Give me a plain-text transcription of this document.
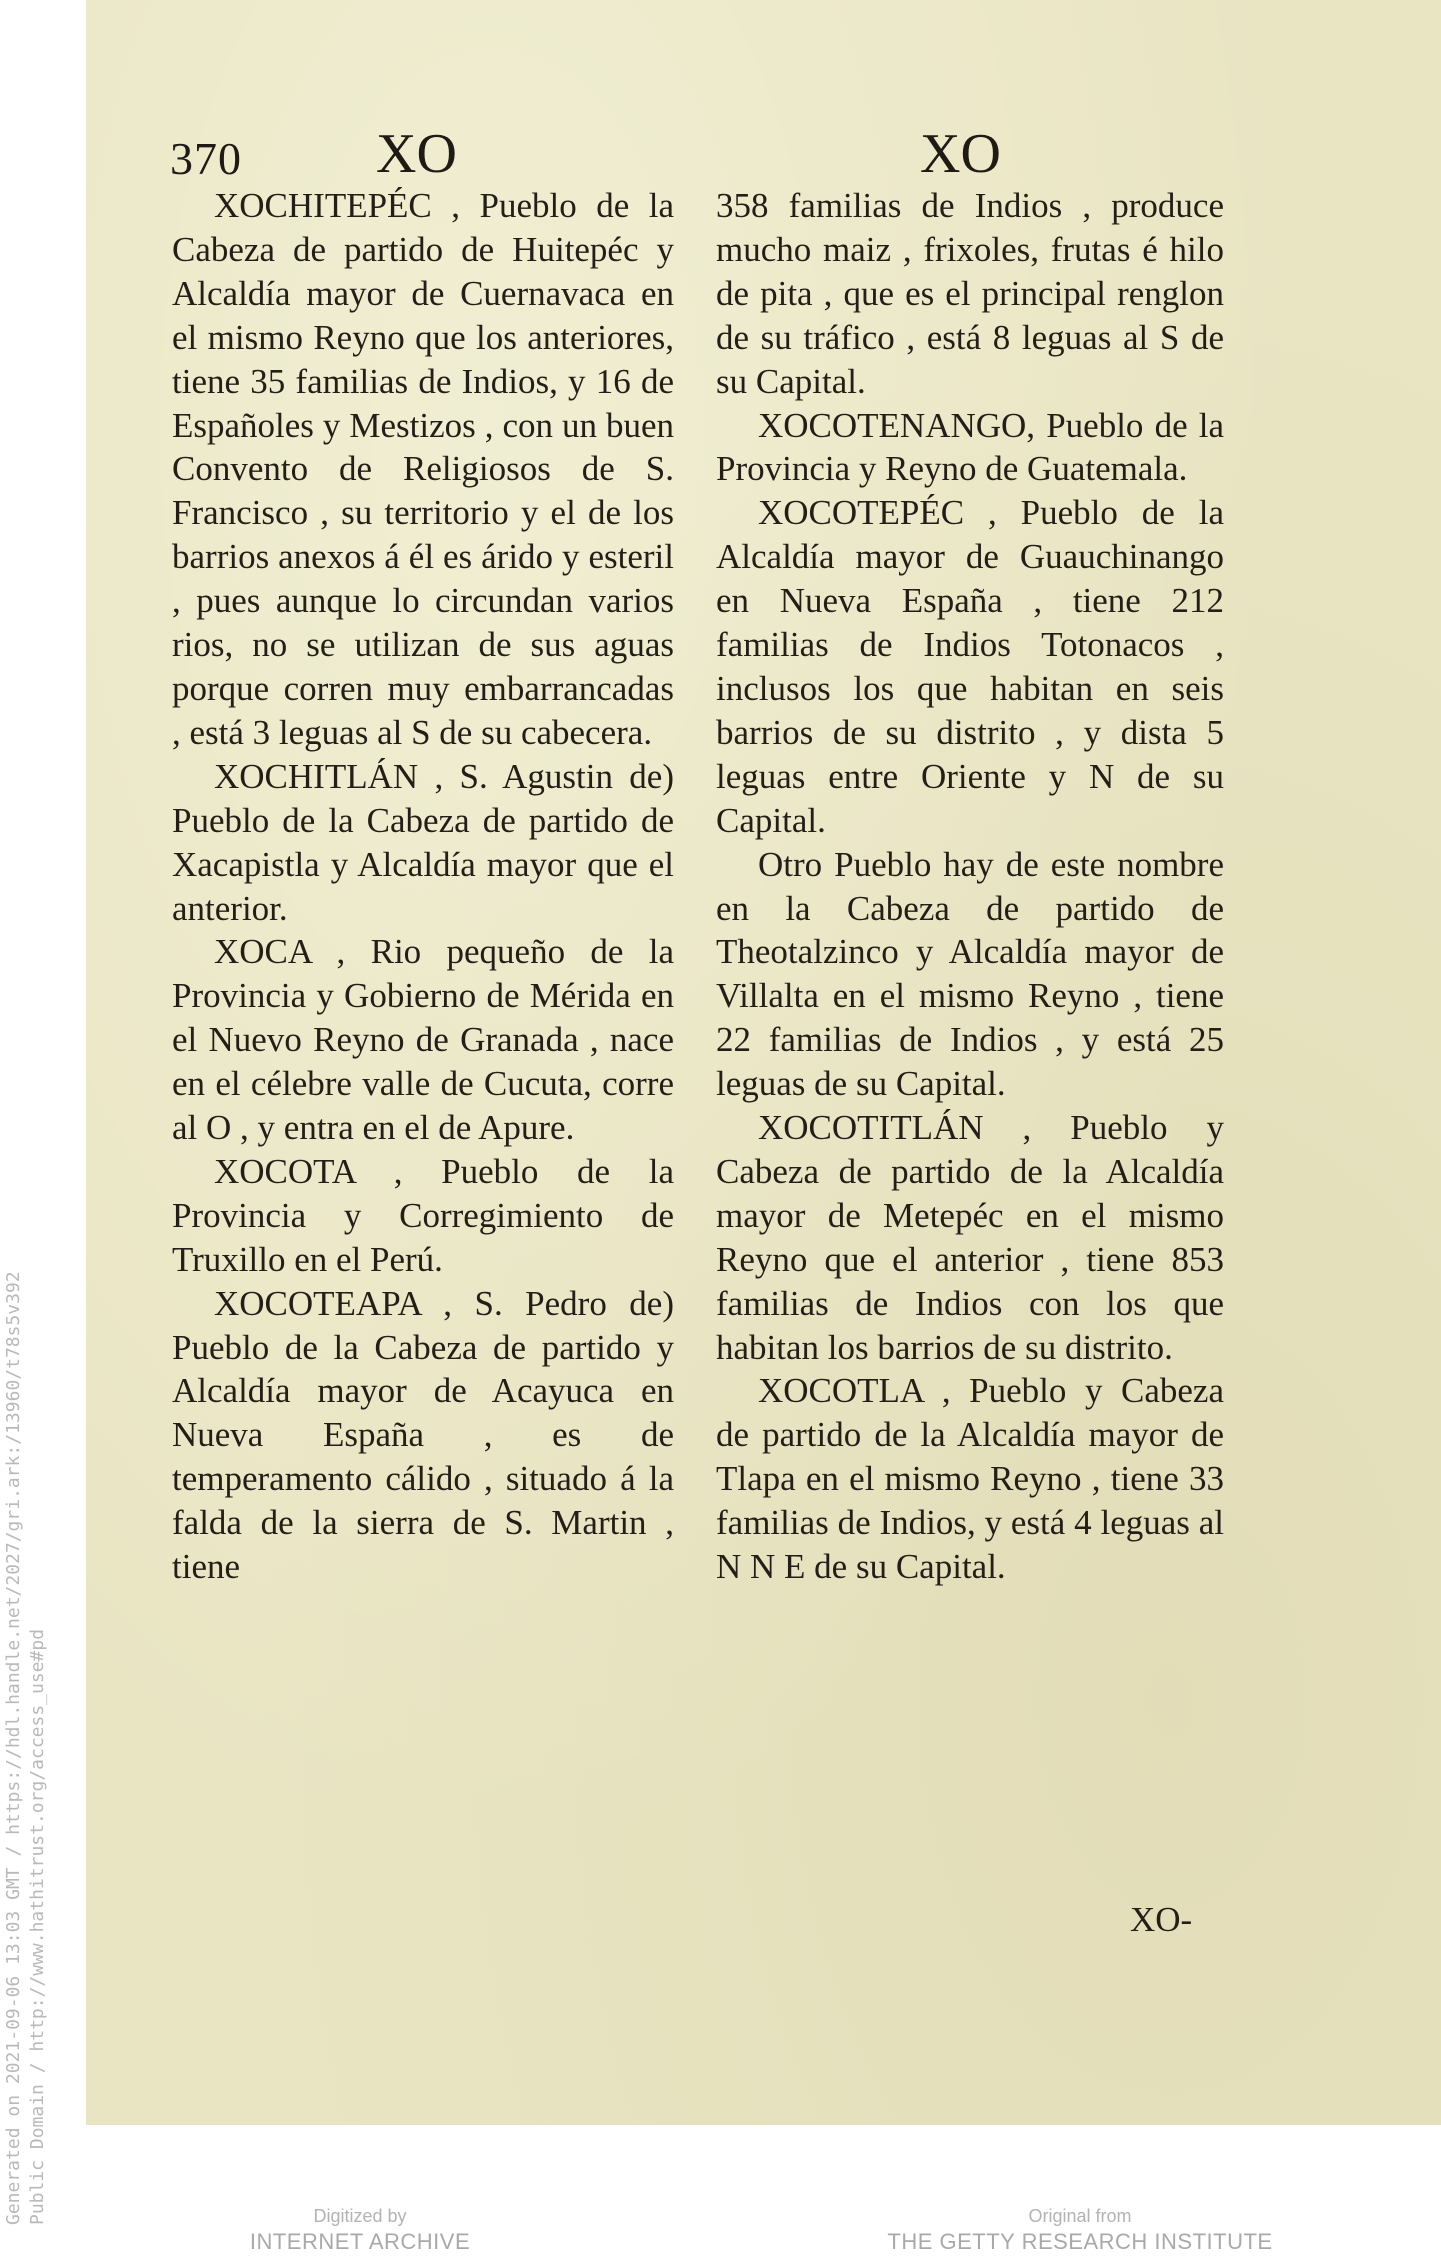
Generated on 2021-09-06 13:03 GMT / https://hdl.handle.net/2027/gri.ark:/13960/t78s5v392 Public Domain / http://www.hathitrust.org/access_use#pd
370 XO	XO

XOCHITEPÉC , Pueblo de la Cabeza de partido de Huitepéc y Alcaldía mayor de Cuernavaca en el mismo Reyno que los anteriores, tiene 35 familias de Indios, y 16 de Españoles y Mestizos , con un buen Convento de Religiosos de S. Francisco , su territorio y el de los barrios anexos á él es árido y esteril , pues aunque lo circundan varios rios, no se utilizan de sus aguas porque corren muy embarrancadas , está 3 leguas al S de su cabecera.

XOCHITLÁN , S. Agustin de) Pueblo de la Cabeza de partido de Xacapistla y Alcaldía mayor que el anterior.

XOCA , Rio pequeño de la Provincia y Gobierno de Mérida en el Nuevo Reyno de Granada , nace en el célebre valle de Cucuta, corre al O , y entra en el de Apure.

XOCOTA , Pueblo de la Provincia y Corregimiento de Truxillo en el Perú.

XOCOTEAPA , S. Pedro de) Pueblo de la Cabeza de partido y Alcaldía mayor de Acayuca en Nueva España , es de temperamento cálido , situado á la falda de la sierra de S. Martin , tiene

358 familias de Indios , produce mucho maiz , frixoles, frutas é hilo de pita , que es el principal renglon de su tráfico , está 8 leguas al S de su Capital.

XOCOTENANGO, Pueblo de la Provincia y Reyno de Guatemala.

XOCOTEPÉC , Pueblo de la Alcaldía mayor de Guauchinango en Nueva España , tiene 212 familias de Indios Totonacos , inclusos los que habitan en seis barrios de su distrito , y dista 5 leguas entre Oriente y N de su Capital.

Otro Pueblo hay de este nombre en la Cabeza de partido de Theotalzinco y Alcaldía mayor de Villalta en el mismo Reyno , tiene 22 familias de Indios , y está 25 leguas de su Capital.

XOCOTITLÁN , Pueblo y Cabeza de partido de la Alcaldía mayor de Metepéc en el mismo Reyno que el anterior , tiene 853 familias de Indios con los que habitan los barrios de su distrito.

XOCOTLA , Pueblo y Cabeza de partido de la Alcaldía mayor de Tlapa en el mismo Reyno , tiene 33 familias de Indios, y está 4 leguas al N N E de su Capital.

XO-
Digitized by
INTERNET ARCHIVE
Original from
THE GETTY RESEARCH INSTITUTE
